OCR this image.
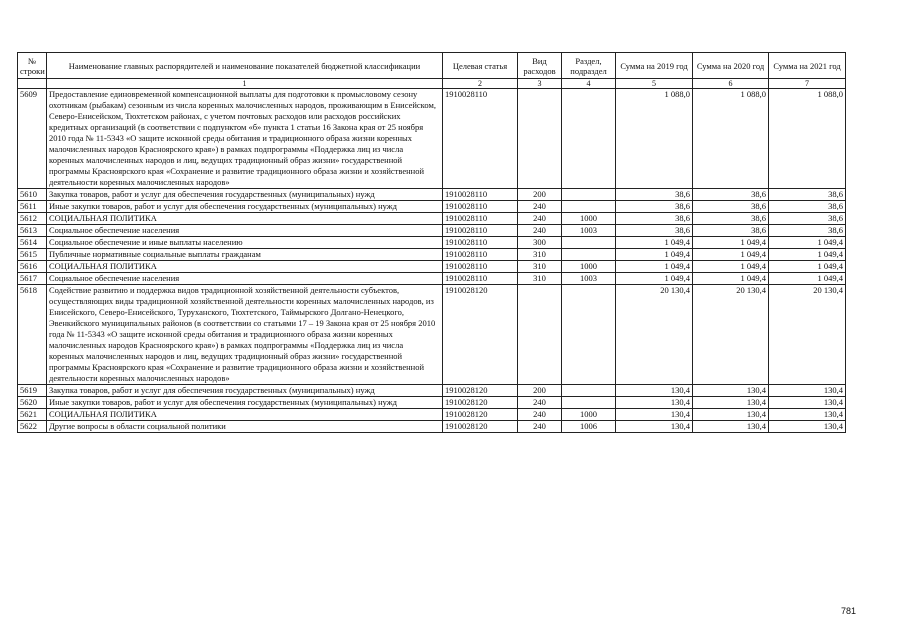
№ строки	Наименование главных распорядителей и наименование показателей бюджетной классификации	Целевая статья	Вид расходов	Раздел, подраздел	Сумма на 2019 год	Сумма на 2020 год	Сумма на 2021 год
	1	2	3	4	5	6	7
5609	Предоставление единовременной компенсационной выплаты для подготовки к промысловому сезону охотникам (рыбакам) сезонным из числа коренных малочисленных народов, проживающим в Енисейском, Северо-Енисейском, Тюхтетском районах, с учетом почтовых расходов или расходов российских кредитных организаций (в соответствии с подпунктом «б» пункта 1 статьи 16 Закона края от 25 ноября 2010 года № 11-5343 «О защите исконной среды обитания и традиционного образа жизни коренных малочисленных народов Красноярского края») в рамках подпрограммы «Поддержка лиц из числа коренных малочисленных народов и лиц, ведущих традиционный образ жизни» государственной программы Красноярского края «Сохранение и развитие традиционного образа жизни и хозяйственной деятельности коренных малочисленных народов»	1910028110			1 088,0	1 088,0	1 088,0
5610	Закупка товаров, работ и услуг для обеспечения государственных (муниципальных) нужд	1910028110	200		38,6	38,6	38,6
5611	Иные закупки товаров, работ и услуг для обеспечения государственных (муниципальных) нужд	1910028110	240		38,6	38,6	38,6
5612	СОЦИАЛЬНАЯ ПОЛИТИКА	1910028110	240	1000	38,6	38,6	38,6
5613	Социальное обеспечение населения	1910028110	240	1003	38,6	38,6	38,6
5614	Социальное обеспечение и иные выплаты населению	1910028110	300		1 049,4	1 049,4	1 049,4
5615	Публичные нормативные социальные выплаты гражданам	1910028110	310		1 049,4	1 049,4	1 049,4
5616	СОЦИАЛЬНАЯ ПОЛИТИКА	1910028110	310	1000	1 049,4	1 049,4	1 049,4
5617	Социальное обеспечение населения	1910028110	310	1003	1 049,4	1 049,4	1 049,4
5618	Содействие развитию и поддержка видов традиционной хозяйственной деятельности субъектов, осуществляющих виды традиционной хозяйственной деятельности коренных малочисленных народов, из Енисейского, Северо-Енисейского, Туруханского, Тюхтетского, Таймырского Долгано-Ненецкого, Эвенкийского муниципальных районов (в соответствии со статьями 17 – 19 Закона края от 25 ноября 2010 года № 11-5343 «О защите исконной среды обитания и традиционного образа жизни коренных малочисленных народов Красноярского края») в рамках подпрограммы «Поддержка лиц из числа коренных малочисленных народов и лиц, ведущих традиционный образ жизни» государственной программы Красноярского края «Сохранение и развитие традиционного образа жизни и хозяйственной деятельности коренных малочисленных народов»	1910028120			20 130,4	20 130,4	20 130,4
5619	Закупка товаров, работ и услуг для обеспечения государственных (муниципальных) нужд	1910028120	200		130,4	130,4	130,4
5620	Иные закупки товаров, работ и услуг для обеспечения государственных (муниципальных) нужд	1910028120	240		130,4	130,4	130,4
5621	СОЦИАЛЬНАЯ ПОЛИТИКА	1910028120	240	1000	130,4	130,4	130,4
5622	Другие вопросы в области социальной политики	1910028120	240	1006	130,4	130,4	130,4
781
